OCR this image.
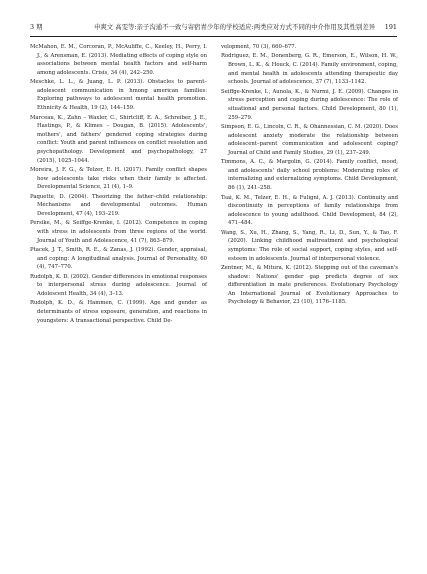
3 期	申爽文 高雯等:亲子沟通不一致与寄宿青少年的学校适应:两类应对方式不同的中介作用及其性别差异 191

McMahon, E. M., Corcoran, P., McAuliffe, C., Keeley, H., Perry, I. J., & Arensman, E. (2013). Mediating effects of coping style on associations between mental health factors and self-harm among adolescents. Crisis, 34 (4), 242–250.

Meschke, L. L., & Juang, L. P. (2013). Obstacles to parent–adolescent communication in hmong american families: Exploring pathways to adolescent mental health promotion. Ethnicity & Health, 19 (2), 144–159.

Marceau, K., Zahn – Waxler, C., Shirtcliff, E. A., Schreiber, J. E., Hastings, P., & Klimes – Dougan, B. (2015). Adolescents', mothers', and fathers' gendered coping strategies during conflict: Youth and parent influences on conflict resolution and psychopathology. Development and psychopathology, 27 (2015), 1025–1044.

Moreira, J. F. G., & Telzer, E. H. (2017). Family conflict shapes how adolescents take risks when their family is affected. Developmental Science, 21 (4), 1–9.

Paquette, D. (2004). Theorizing the father–child relationship: Mechanisms and developmental outcomes. Human Development, 47 (4), 193–219.

Persike, M., & Seiffge-Krenke, I. (2012). Competence in coping with stress in adolescents from three regions of the world. Journal of Youth and Adolescence, 41 (7), 863–879.

Ptacek, J. T., Smith, R. E., & Zanas, J. (1992). Gender, appraisal, and coping: A longitudinal analysis. Journal of Personality, 60 (4), 747–770.

Rudolph, K. D. (2002). Gender differences in emotional responses to interpersonal stress during adolescence. Journal of Adolescent Health, 34 (4), 3–13.

Rudolph, K. D., & Hammen, C. (1999). Age and gender as determinants of stress exposure, generation, and reactions in youngsters: A transactional perspective. Child De-

velopment, 70 (3), 660–677.

Rodriguez, E. M., Donenberg, G. R., Emerson, E., Wilson, H. W., Brown, L. K., & Houck, C. (2014). Family environment, coping, and mental health in adolescents attending therapeutic day schools. Journal of adolescence, 37 (7), 1133–1142.

Seiffge-Krenke, I., Aunola, K., & Nurmi, J. E. (2009). Changes in stress perception and coping during adolescence: The role of situational and personal factors. Child Development, 80 (1), 259–279.

Simpson, E. G., Lincoln, C. R., & Ohannessian, C. M. (2020). Does adolescent anxiety moderate the relationship between adolescent–parent communication and adolescent coping? Journal of Child and Family Studies, 29 (1), 237–249.

Timmons, A. C., & Margolin, G. (2014). Family conflict, mood, and adolescents' daily school problems: Moderating roles of internalizing and externalizing symptoms. Child Development, 86 (1), 241–258.

Tsai, K. M., Telzer, E. H., & Fuligni, A. J. (2013). Continuity and discontinuity in perceptions of family relationships from adolescence to young adulthood. Child Development, 84 (2), 471–484.

Wang, S., Xu, H., Zhang, S., Yang, R., Li, D., Sun, Y., & Tao, F. (2020). Linking childhood maltreatment and psychological symptoms: The role of social support, coping styles, and self-esteem in adolescents. Journal of interpersonal violence.

Zentner, M., & Mitura, K. (2012). Stepping out of the caveman's shadow: Nations' gender gap predicts degree of sex differentiation in mate preferences. Evolutionary Psychology An International Journal of Evolutionary Approaches to Psychology & Behavior, 23 (10), 1176–1185.
